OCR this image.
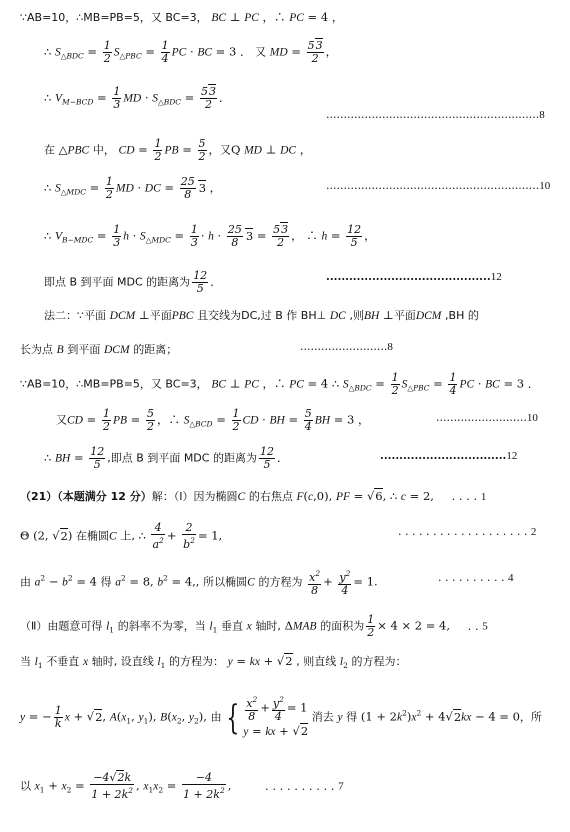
∵AB=10，∴MB=PB=5，又 BC=3， BC ⊥ PC ，∴ PC = 4 ，
∴ $S_{\triangle BDC} = \frac{1}{2} S_{\triangle PBC} = \frac{1}{4}$ PC · BC = 3 ． 又 MD = $\frac{53}{2}$ ，
∴ $V_{M-BCD} = \frac{1}{3}$ MD · $S_{\triangle BDC} = \frac{53}{2}$ ．
.............................................................8
在 △PBC 中， CD = $\frac{1}{2}$ PB = $\frac{5}{2}$ ，又Q MD ⊥ DC ，
∴ $S_{\triangle MDC} = \frac{1}{2}$ MD · DC = $\frac{25}{8} 3$ ，	.............................................................10
∴ $V_{B-MDC} = \frac{1}{3}$ $h \cdot S_{\triangle MDC} = \frac{1}{3} \cdot h \cdot \frac{25}{8} 3 = \frac{53}{2}$ ， ∴ $h = \frac{12}{5}$ ，
即点 B 到平面 MDC 的距离为 $\frac{12}{5}$ ．	...........................................12
法二：∵平面 DCM ⊥平面PBC 且交线为DC,过 B 作 BH⊥ DC ,则BH ⊥平面DCM ,BH 的
长为点 B 到平面 DCM 的距离；	.........................8
∵AB=10，∴MB=PB=5，又 BC=3， BC ⊥ PC ，∴ PC = 4 ∴ $S_{\triangle BDC} = \frac{1}{2} S_{\triangle PBC} = \frac{1}{4}$ PC · BC = 3 ．
又CD = $\frac{1}{2}$ PB = $\frac{5}{2}$ ，∴ $S_{\triangle BCD} = \frac{1}{2}$ CD · BH = $\frac{5}{4}$ BH = 3 ，	..........................10
∴ BH = $\frac{12}{5}$ ,即点 B 到平面 MDC 的距离为 $\frac{12}{5}$ ．	.................................12
（21）（本题满分 12 分）解：（Ⅰ）因为椭圆C 的右焦点 F(c,0), PF = √6, ∴ c = 2, . . . . 1
Θ (2, √2) 在椭圆C 上, ∴ $\frac{4}{a^2} + \frac{2}{b^2} = 1$,	. . . . . . . . . . . . . . . . . . . 2
由 $a^2 - b^2 = 4$ 得 $a^2 = 8$, $b^2 = 4$,, 所以椭圆C 的方程为 $\frac{x^2}{8} + \frac{y^2}{4} = 1$.	. . . . . . . . . . 4
（Ⅱ）由题意可得 $l_1$ 的斜率不为零，当 $l_1$ 垂直 x 轴时, ΔMAB 的面积为 $\frac{1}{2} \times 4 \times 2 = 4$, . . 5
当 $l_1$ 不垂直 x 轴时, 设直线 $l_1$ 的方程为： y = kx + √2 , 则直线 $l_2$ 的方程为：
y = − $\frac{1}{k}$ x + √2, $A(x_1$, $y_1$), $B(x_2$, $y_2$), 由 { $\frac{x^2}{8} + \frac{y^2}{4} = 1$
y = kx + √2
消去 y 得 $(1 + 2k^2)x^2 + 4√2kx - 4 = 0$，所
以 $x_1 + x_2 = \frac{-4√2k}{1 + 2k^2}$ , $x_1x_2 = \frac{-4}{1 + 2k^2}$ ,	. . . . . . . . . . 7
